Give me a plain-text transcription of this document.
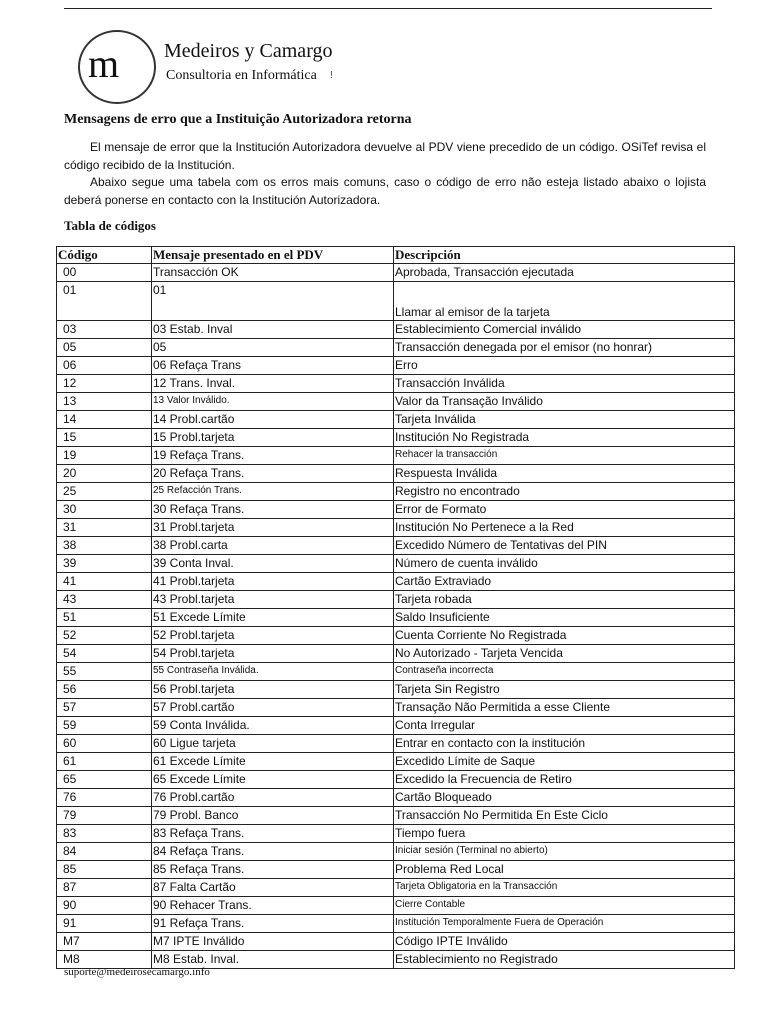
m Medeiros y Camargo
Consultoria en Informática !
Mensagens de erro que a Instituição Autorizadora retorna

El mensaje de error que la Institución Autorizadora devuelve al PDV viene precedido de un código. OSiTef revisa el código recibido de la Institución.

Abaixo segue uma tabela com os erros mais comuns, caso o código de erro não esteja listado abaixo o lojista deberá ponerse en contacto con la Institución Autorizadora.

Tabla de códigos
Código	Mensaje presentado en el PDV	Descripción
00	Transacción OK	Aprobada, Transacción ejecutada
01	01	Llamar al emisor de la tarjeta
03	03 Estab. Inval	Establecimiento Comercial inválido
05	05	Transacción denegada por el emisor (no honrar)
06	06 Refaça Trans	Erro
12	12 Trans. Inval.	Transacción Inválida
13	13 Valor Inválido.	Valor da Transação Inválido
14	14 Probl.cartão	Tarjeta Inválida
15	15 Probl.tarjeta	Institución No Registrada
19	19 Refaça Trans.	Rehacer la transacción
20	20 Refaça Trans.	Respuesta Inválida
25	25 Refacción Trans.	Registro no encontrado
30	30 Refaça Trans.	Error de Formato
31	31 Probl.tarjeta	Institución No Pertenece a la Red
38	38 Probl.carta	Excedido Número de Tentativas del PIN
39	39 Conta Inval.	Número de cuenta inválido
41	41 Probl.tarjeta	Cartão Extraviado
43	43 Probl.tarjeta	Tarjeta robada
51	51 Excede Límite	Saldo Insuficiente
52	52 Probl.tarjeta	Cuenta Corriente No Registrada
54	54 Probl.tarjeta	No Autorizado - Tarjeta Vencida
55	55 Contraseña Inválida.	Contraseña incorrecta
56	56 Probl.tarjeta	Tarjeta Sin Registro
57	57 Probl.cartão	Transação Não Permitida a esse Cliente
59	59 Conta Inválida.	Conta Irregular
60	60 Ligue tarjeta	Entrar en contacto con la institución
61	61 Excede Límite	Excedido Límite de Saque
65	65 Excede Límite	Excedido la Frecuencia de Retiro
76	76 Probl.cartão	Cartão Bloqueado
79	79 Probl. Banco	Transacción No Permitida En Este Ciclo
83	83 Refaça Trans.	Tiempo fuera
84	84 Refaça Trans.	Iniciar sesión (Terminal no abierto)
85	85 Refaça Trans.	Problema Red Local
87	87 Falta Cartão	Tarjeta Obligatoria en la Transacción
90	90 Rehacer Trans.	Cierre Contable
91	91 Refaça Trans.	Institución Temporalmente Fuera de Operación
M7	M7 IPTE Inválido	Código IPTE Inválido
M8	M8 Estab. Inval.	Establecimiento no Registrado
suporte@medeirosecamargo.info
